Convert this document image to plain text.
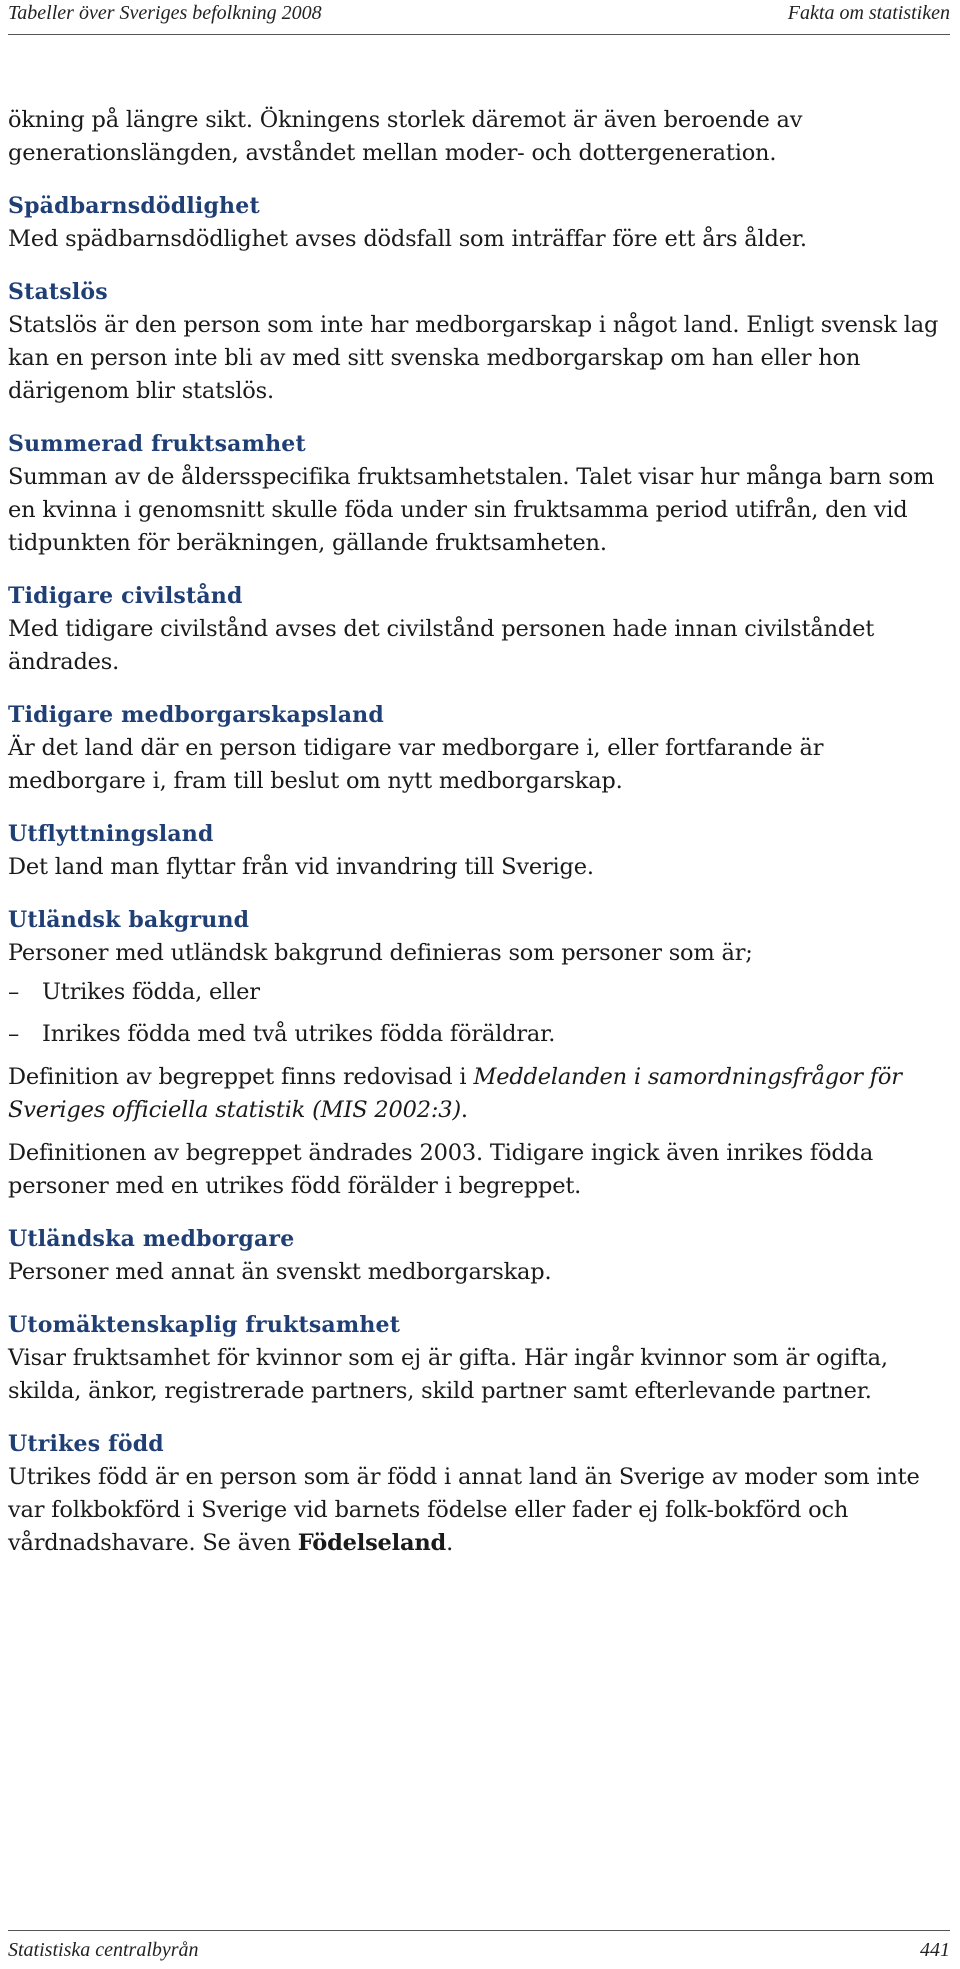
Tabeller över Sveriges befolkning 2008	Fakta om statistiken

ökning på längre sikt. Ökningens storlek däremot är även beroende av generationslängden, avståndet mellan moder- och dottergeneration.

Spädbarnsdödlighet

Med spädbarnsdödlighet avses dödsfall som inträffar före ett års ålder.

Statslös

Statslös är den person som inte har medborgarskap i något land. Enligt svensk lag kan en person inte bli av med sitt svenska medborgarskap om han eller hon därigenom blir statslös.

Summerad fruktsamhet

Summan av de åldersspecifika fruktsamhetstalen. Talet visar hur många barn som en kvinna i genomsnitt skulle föda under sin fruktsamma period utifrån, den vid tidpunkten för beräkningen, gällande fruktsamheten.

Tidigare civilstånd

Med tidigare civilstånd avses det civilstånd personen hade innan civilståndet ändrades.

Tidigare medborgarskapsland

Är det land där en person tidigare var medborgare i, eller fortfarande är medborgare i, fram till beslut om nytt medborgarskap.

Utflyttningsland

Det land man flyttar från vid invandring till Sverige.

Utländsk bakgrund

Personer med utländsk bakgrund definieras som personer som är;

– Utrikes födda, eller
– Inrikes födda med två utrikes födda föräldrar.

Definition av begreppet finns redovisad i Meddelanden i samordningsfrågor för Sveriges officiella statistik (MIS 2002:3).

Definitionen av begreppet ändrades 2003. Tidigare ingick även inrikes födda personer med en utrikes född förälder i begreppet.

Utländska medborgare

Personer med annat än svenskt medborgarskap.

Utomäktenskaplig fruktsamhet

Visar fruktsamhet för kvinnor som ej är gifta. Här ingår kvinnor som är ogifta, skilda, änkor, registrerade partners, skild partner samt efterlevande partner.

Utrikes född

Utrikes född är en person som är född i annat land än Sverige av moder som inte var folkbokförd i Sverige vid barnets födelse eller fader ej folk-bokförd och vårdnadshavare. Se även Födelseland.

Statistiska centralbyrån	441
